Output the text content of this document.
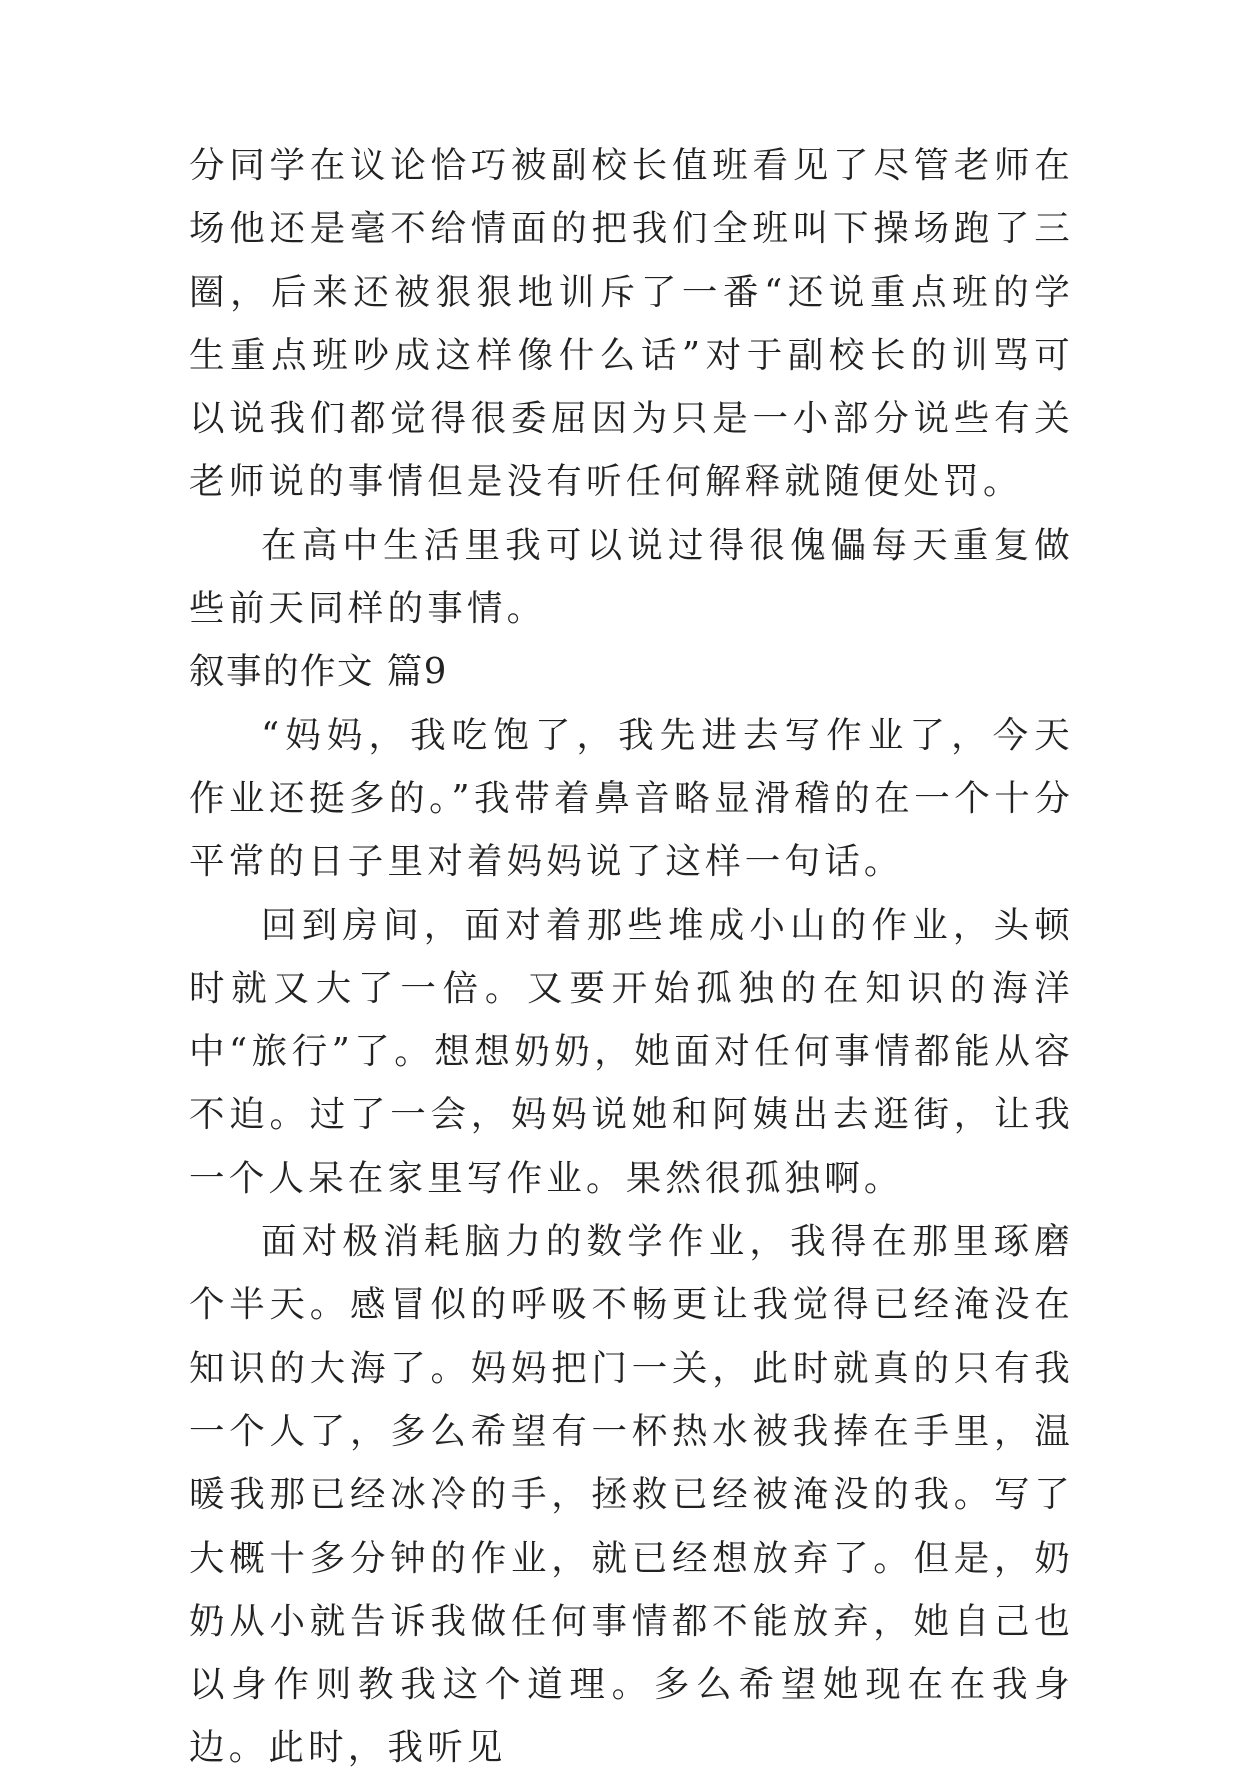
分同学在议论恰巧被副校长值班看见了尽管老师在场他还是毫不给情面的把我们全班叫下操场跑了三圈，后来还被狠狠地训斥了一番“还说重点班的学生重点班吵成这样像什么话”对于副校长的训骂可以说我们都觉得很委屈因为只是一小部分说些有关老师说的事情但是没有听任何解释就随便处罚。

在高中生活里我可以说过得很傀儡每天重复做些前天同样的事情。

叙事的作文 篇9

“妈妈，我吃饱了，我先进去写作业了，今天作业还挺多的。”我带着鼻音略显滑稽的在一个十分平常的日子里对着妈妈说了这样一句话。

回到房间，面对着那些堆成小山的作业，头顿时就又大了一倍。又要开始孤独的在知识的海洋中“旅行”了。想想奶奶，她面对任何事情都能从容不迫。过了一会，妈妈说她和阿姨出去逛街，让我一个人呆在家里写作业。果然很孤独啊。

面对极消耗脑力的数学作业，我得在那里琢磨个半天。感冒似的呼吸不畅更让我觉得已经淹没在知识的大海了。妈妈把门一关，此时就真的只有我一个人了，多么希望有一杯热水被我捧在手里，温暖我那已经冰冷的手，拯救已经被淹没的我。写了大概十多分钟的作业，就已经想放弃了。但是，奶奶从小就告诉我做任何事情都不能放弃，她自己也以身作则教我这个道理。多么希望她现在在我身边。此时，我听见
